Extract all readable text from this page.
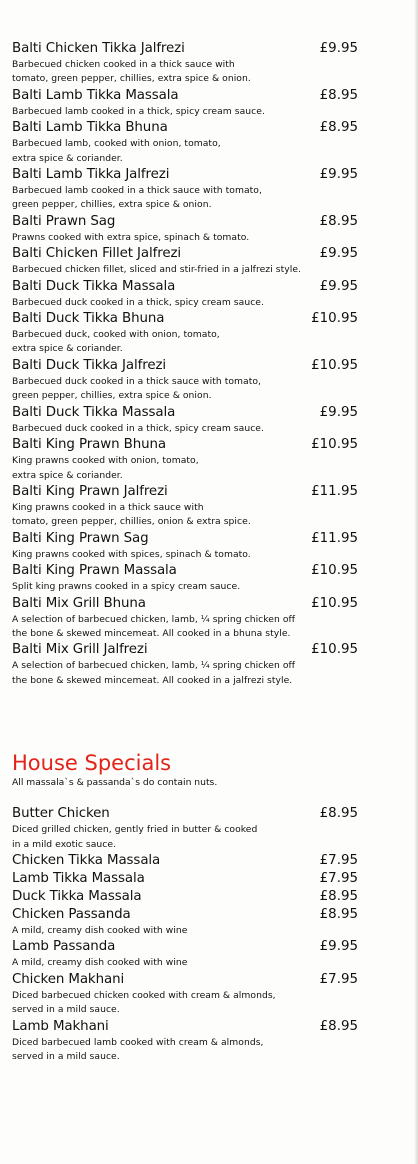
Balti Chicken Tikka Jalfrezi	£9.95
Barbecued chicken cooked in a thick sauce with
tomato, green pepper, chillies, extra spice & onion.
Balti Lamb Tikka Massala	£8.95
Barbecued lamb cooked in a thick, spicy cream sauce.
Balti Lamb Tikka Bhuna	£8.95
Barbecued lamb, cooked with onion, tomato,
extra spice & coriander.
Balti Lamb Tikka Jalfrezi	£9.95
Barbecued lamb cooked in a thick sauce with tomato,
green pepper, chillies, extra spice & onion.
Balti Prawn Sag	£8.95
Prawns cooked with extra spice, spinach & tomato.
Balti Chicken Fillet Jalfrezi	£9.95
Barbecued chicken fillet, sliced and stir-fried in a jalfrezi style.
Balti Duck Tikka Massala	£9.95
Barbecued duck cooked in a thick, spicy cream sauce.
Balti Duck Tikka Bhuna	£10.95
Barbecued duck, cooked with onion, tomato,
extra spice & coriander.
Balti Duck Tikka Jalfrezi	£10.95
Barbecued duck cooked in a thick sauce with tomato,
green pepper, chillies, extra spice & onion.
Balti Duck Tikka Massala	£9.95
Barbecued duck cooked in a thick, spicy cream sauce.
Balti King Prawn Bhuna	£10.95
King prawns cooked with onion, tomato,
extra spice & coriander.
Balti King Prawn Jalfrezi	£11.95
King prawns cooked in a thick sauce with
tomato, green pepper, chillies, onion & extra spice.
Balti King Prawn Sag	£11.95
King prawns cooked with spices, spinach & tomato.
Balti King Prawn Massala	£10.95
Split king prawns cooked in a spicy cream sauce.
Balti Mix Grill Bhuna	£10.95
A selection of barbecued chicken, lamb, ¼ spring chicken off
the bone & skewed mincemeat. All cooked in a bhuna style.
Balti Mix Grill Jalfrezi	£10.95
A selection of barbecued chicken, lamb, ¼ spring chicken off
the bone & skewed mincemeat. All cooked in a jalfrezi style.
House Specials
All massala`s & passanda`s do contain nuts.
Butter Chicken	£8.95
Diced grilled chicken, gently fried in butter & cooked
in a mild exotic sauce.
Chicken Tikka Massala	£7.95
Lamb Tikka Massala	£7.95
Duck Tikka Massala	£8.95
Chicken Passanda	£8.95
A mild, creamy dish cooked with wine
Lamb Passanda	£9.95
A mild, creamy dish cooked with wine
Chicken Makhani	£7.95
Diced barbecued chicken cooked with cream & almonds,
served in a mild sauce.
Lamb Makhani	£8.95
Diced barbecued lamb cooked with cream & almonds,
served in a mild sauce.
